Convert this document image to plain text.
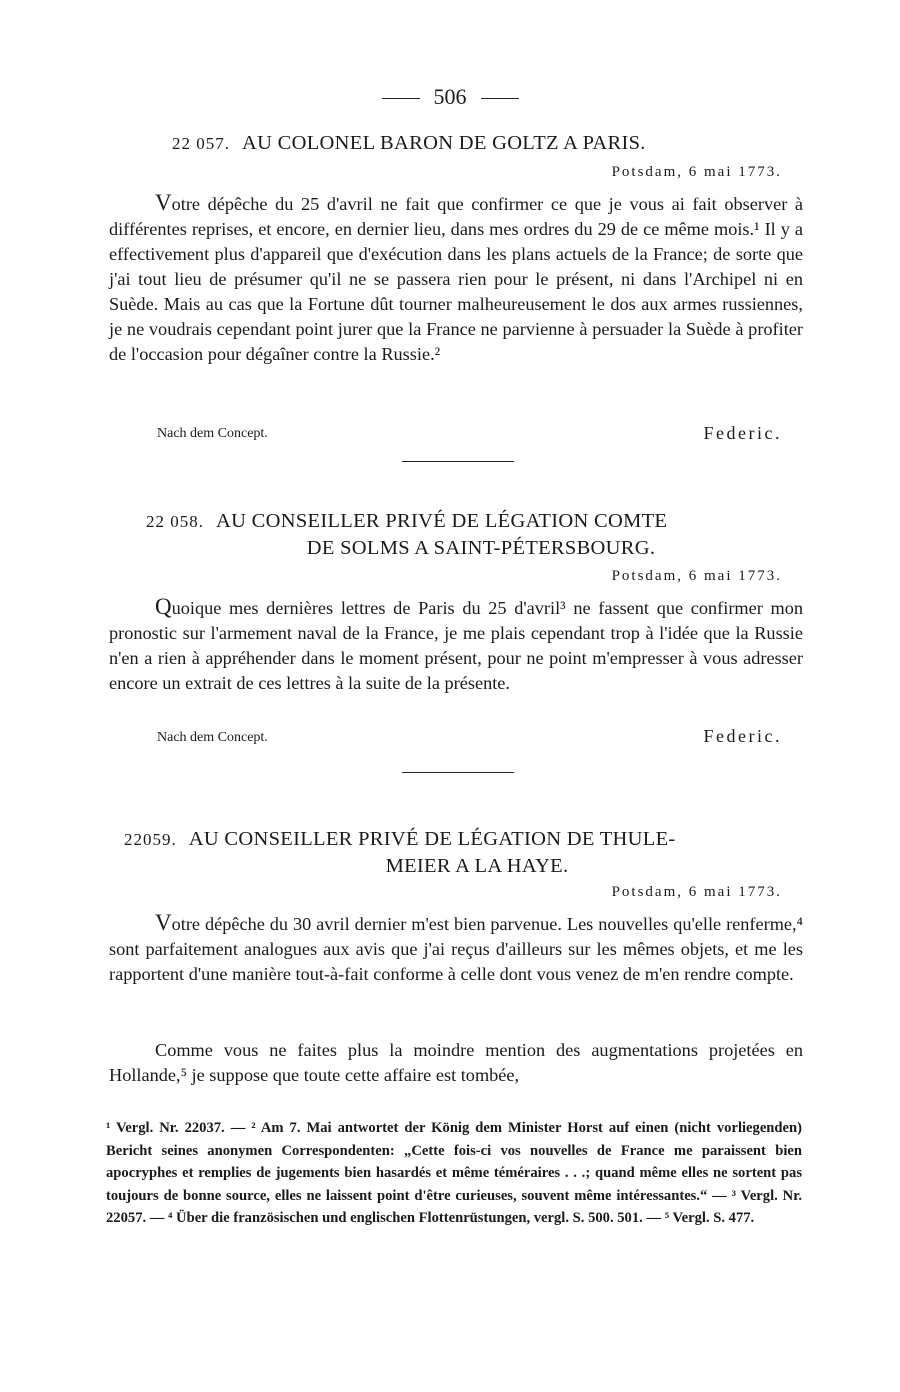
506
22 057. AU COLONEL BARON DE GOLTZ A PARIS.
Potsdam, 6 mai 1773.
Votre dépêche du 25 d'avril ne fait que confirmer ce que je vous ai fait observer à différentes reprises, et encore, en dernier lieu, dans mes ordres du 29 de ce même mois.¹ Il y a effectivement plus d'appareil que d'exécution dans les plans actuels de la France; de sorte que j'ai tout lieu de présumer qu'il ne se passera rien pour le présent, ni dans l'Archipel ni en Suède. Mais au cas que la Fortune dût tourner malheureusement le dos aux armes russiennes, je ne voudrais cependant point jurer que la France ne parvienne à persuader la Suède à profiter de l'occasion pour dégaîner contre la Russie.²
Nach dem Concept.	Federic.
22 058. AU CONSEILLER PRIVÉ DE LÉGATION COMTE
DE SOLMS A SAINT-PÉTERSBOURG.
Potsdam, 6 mai 1773.
Quoique mes dernières lettres de Paris du 25 d'avril³ ne fassent que confirmer mon pronostic sur l'armement naval de la France, je me plais cependant trop à l'idée que la Russie n'en a rien à appréhender dans le moment présent, pour ne point m'empresser à vous adresser encore un extrait de ces lettres à la suite de la présente.
Nach dem Concept.	Federic.
22059. AU CONSEILLER PRIVÉ DE LÉGATION DE THULE-
MEIER A LA HAYE.
Potsdam, 6 mai 1773.
Votre dépêche du 30 avril dernier m'est bien parvenue. Les nouvelles qu'elle renferme,⁴ sont parfaitement analogues aux avis que j'ai reçus d'ailleurs sur les mêmes objets, et me les rapportent d'une manière tout-à-fait conforme à celle dont vous venez de m'en rendre compte.
Comme vous ne faites plus la moindre mention des augmentations projetées en Hollande,⁵ je suppose que toute cette affaire est tombée,
¹ Vergl. Nr. 22037. — ² Am 7. Mai antwortet der König dem Minister Horst auf einen (nicht vorliegenden) Bericht seines anonymen Correspondenten: „Cette fois-ci vos nouvelles de France me paraissent bien apocryphes et remplies de jugements bien hasardés et même téméraires . . .; quand même elles ne sortent pas toujours de bonne source, elles ne laissent point d'être curieuses, souvent même intéressantes.“ — ³ Vergl. Nr. 22057. — ⁴ Über die französischen und englischen Flottenrüstungen, vergl. S. 500. 501. — ⁵ Vergl. S. 477.
